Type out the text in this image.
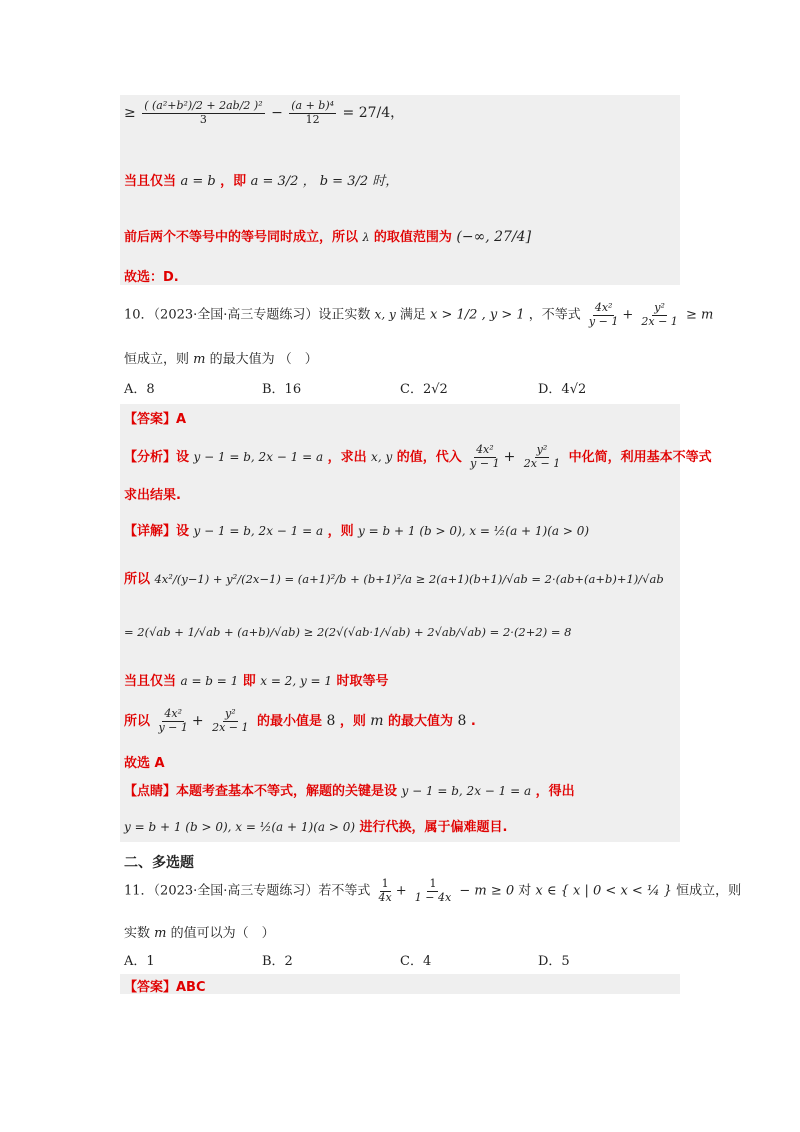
≥ $\frac{\text{( (a²+b²)/2 + 2ab/2 )²}}{3} - \frac{\text{(a + b)⁴}}{12} = 27/4$，
当且仅当 a = b ，即 a = 3/2 ， b = 3/2 时，
前后两个不等号中的等号同时成立，所以 λ 的取值范围为 (−∞, 27/4]
故选：D.
10．（2023·全国·高三专题练习）设正实数 x, y 满足 x > 1/2 , y > 1 ，不等式 $\frac{\text{4x²}}{y - 1} + \frac{\text{y²}}{2x - 1} \ge m$
恒成立，则 m 的最大值为 （　）
A．8	B．16	C．2√2	D．4√2
【答案】A
【分析】设 y − 1 = b, 2x − 1 = a ，求出 x, y 的值，代入 $\frac{\text{4x²}}{y - 1} + \frac{\text{y²}}{2x - 1}$ 中化简，利用基本不等式
求出结果.
【详解】设 y − 1 = b, 2x − 1 = a ，则 y = b + 1 (b > 0), x = ½(a + 1)(a > 0)
所以 4x²/(y−1) + y²/(2x−1) = (a+1)²/b + (b+1)²/a ≥ 2(a+1)(b+1)/√ab = 2·(ab+(a+b)+1)/√ab
= 2(√ab + 1/√ab + (a+b)/√ab) ≥ 2(2√(√ab·1/√ab) + 2√ab/√ab) = 2·(2+2) = 8
当且仅当 a = b = 1 即 x = 2, y = 1 时取等号
所以 $\frac{\text{4x²}}{y - 1} + \frac{\text{y²}}{2x - 1}$ 的最小值是 8 ，则 m 的最大值为 8 .
故选 A
【点睛】本题考查基本不等式，解题的关键是设 y − 1 = b, 2x − 1 = a ，得出
y = b + 1 (b > 0), x = ½(a + 1)(a > 0) 进行代换，属于偏难题目.
二、多选题
11．（2023·全国·高三专题练习）若不等式 $\frac{1}{4x} + \frac{1}{1 - 4x} - m \ge 0$ 对 x ∈ { x | 0 < x < ¼ } 恒成立，则
实数 m 的值可以为（　）
A．1	B．2	C．4	D．5
【答案】ABC
